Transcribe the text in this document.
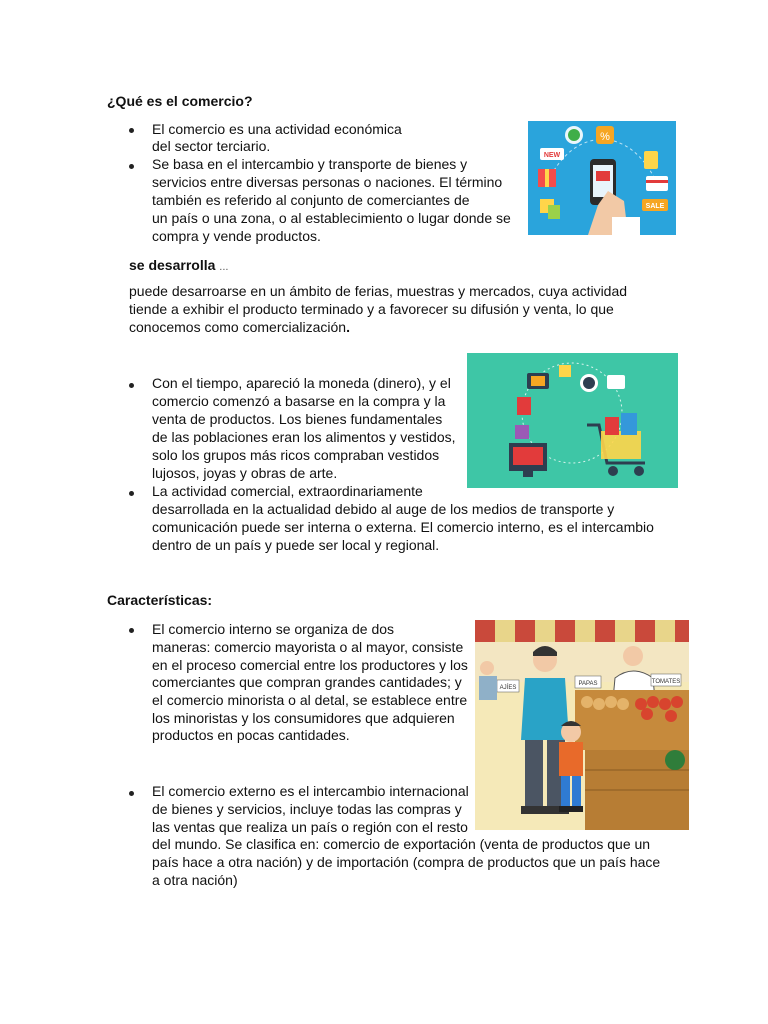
¿Qué es el comercio?
El comercio es una actividad económica
del sector terciario.
Se basa en el intercambio y transporte de bienes y
servicios entre diversas personas o naciones. El término
también es referido al conjunto de comerciantes de
un país o una zona, o al establecimiento o lugar donde se
compra y vende productos.
%
NEW
SALE
se desarrolla ...
puede desarroarse en un ámbito de ferias, muestras y mercados, cuya actividad
tiende a exhibir el producto terminado y a favorecer su difusión y venta, lo que
conocemos como comercialización.
Con el tiempo, apareció la moneda (dinero), y el
comercio comenzó a basarse en la compra y la
venta de productos. Los bienes fundamentales
de las poblaciones eran los alimentos y vestidos,
solo los grupos más ricos compraban vestidos
lujosos, joyas y obras de arte.
La actividad comercial, extraordinariamente
desarrollada en la actualidad debido al auge de los medios de transporte y
comunicación puede ser interna o externa. El comercio interno, es el intercambio
dentro de un país y puede ser local y regional.
Características:
El comercio interno se organiza de dos
maneras: comercio mayorista o al mayor, consiste
en el proceso comercial entre los productores y los
comerciantes que compran grandes cantidades; y
el comercio minorista o al detal, se establece entre
los minoristas y los consumidores que adquieren
productos en pocas cantidades.
PAPAS	TOMATES
AJÍES
El comercio externo es el intercambio internacional
de bienes y servicios, incluye todas las compras y
las ventas que realiza un país o región con el resto
del mundo. Se clasifica en: comercio de exportación (venta de productos que un
país hace a otra nación) y de importación (compra de productos que un país hace
a otra nación)
